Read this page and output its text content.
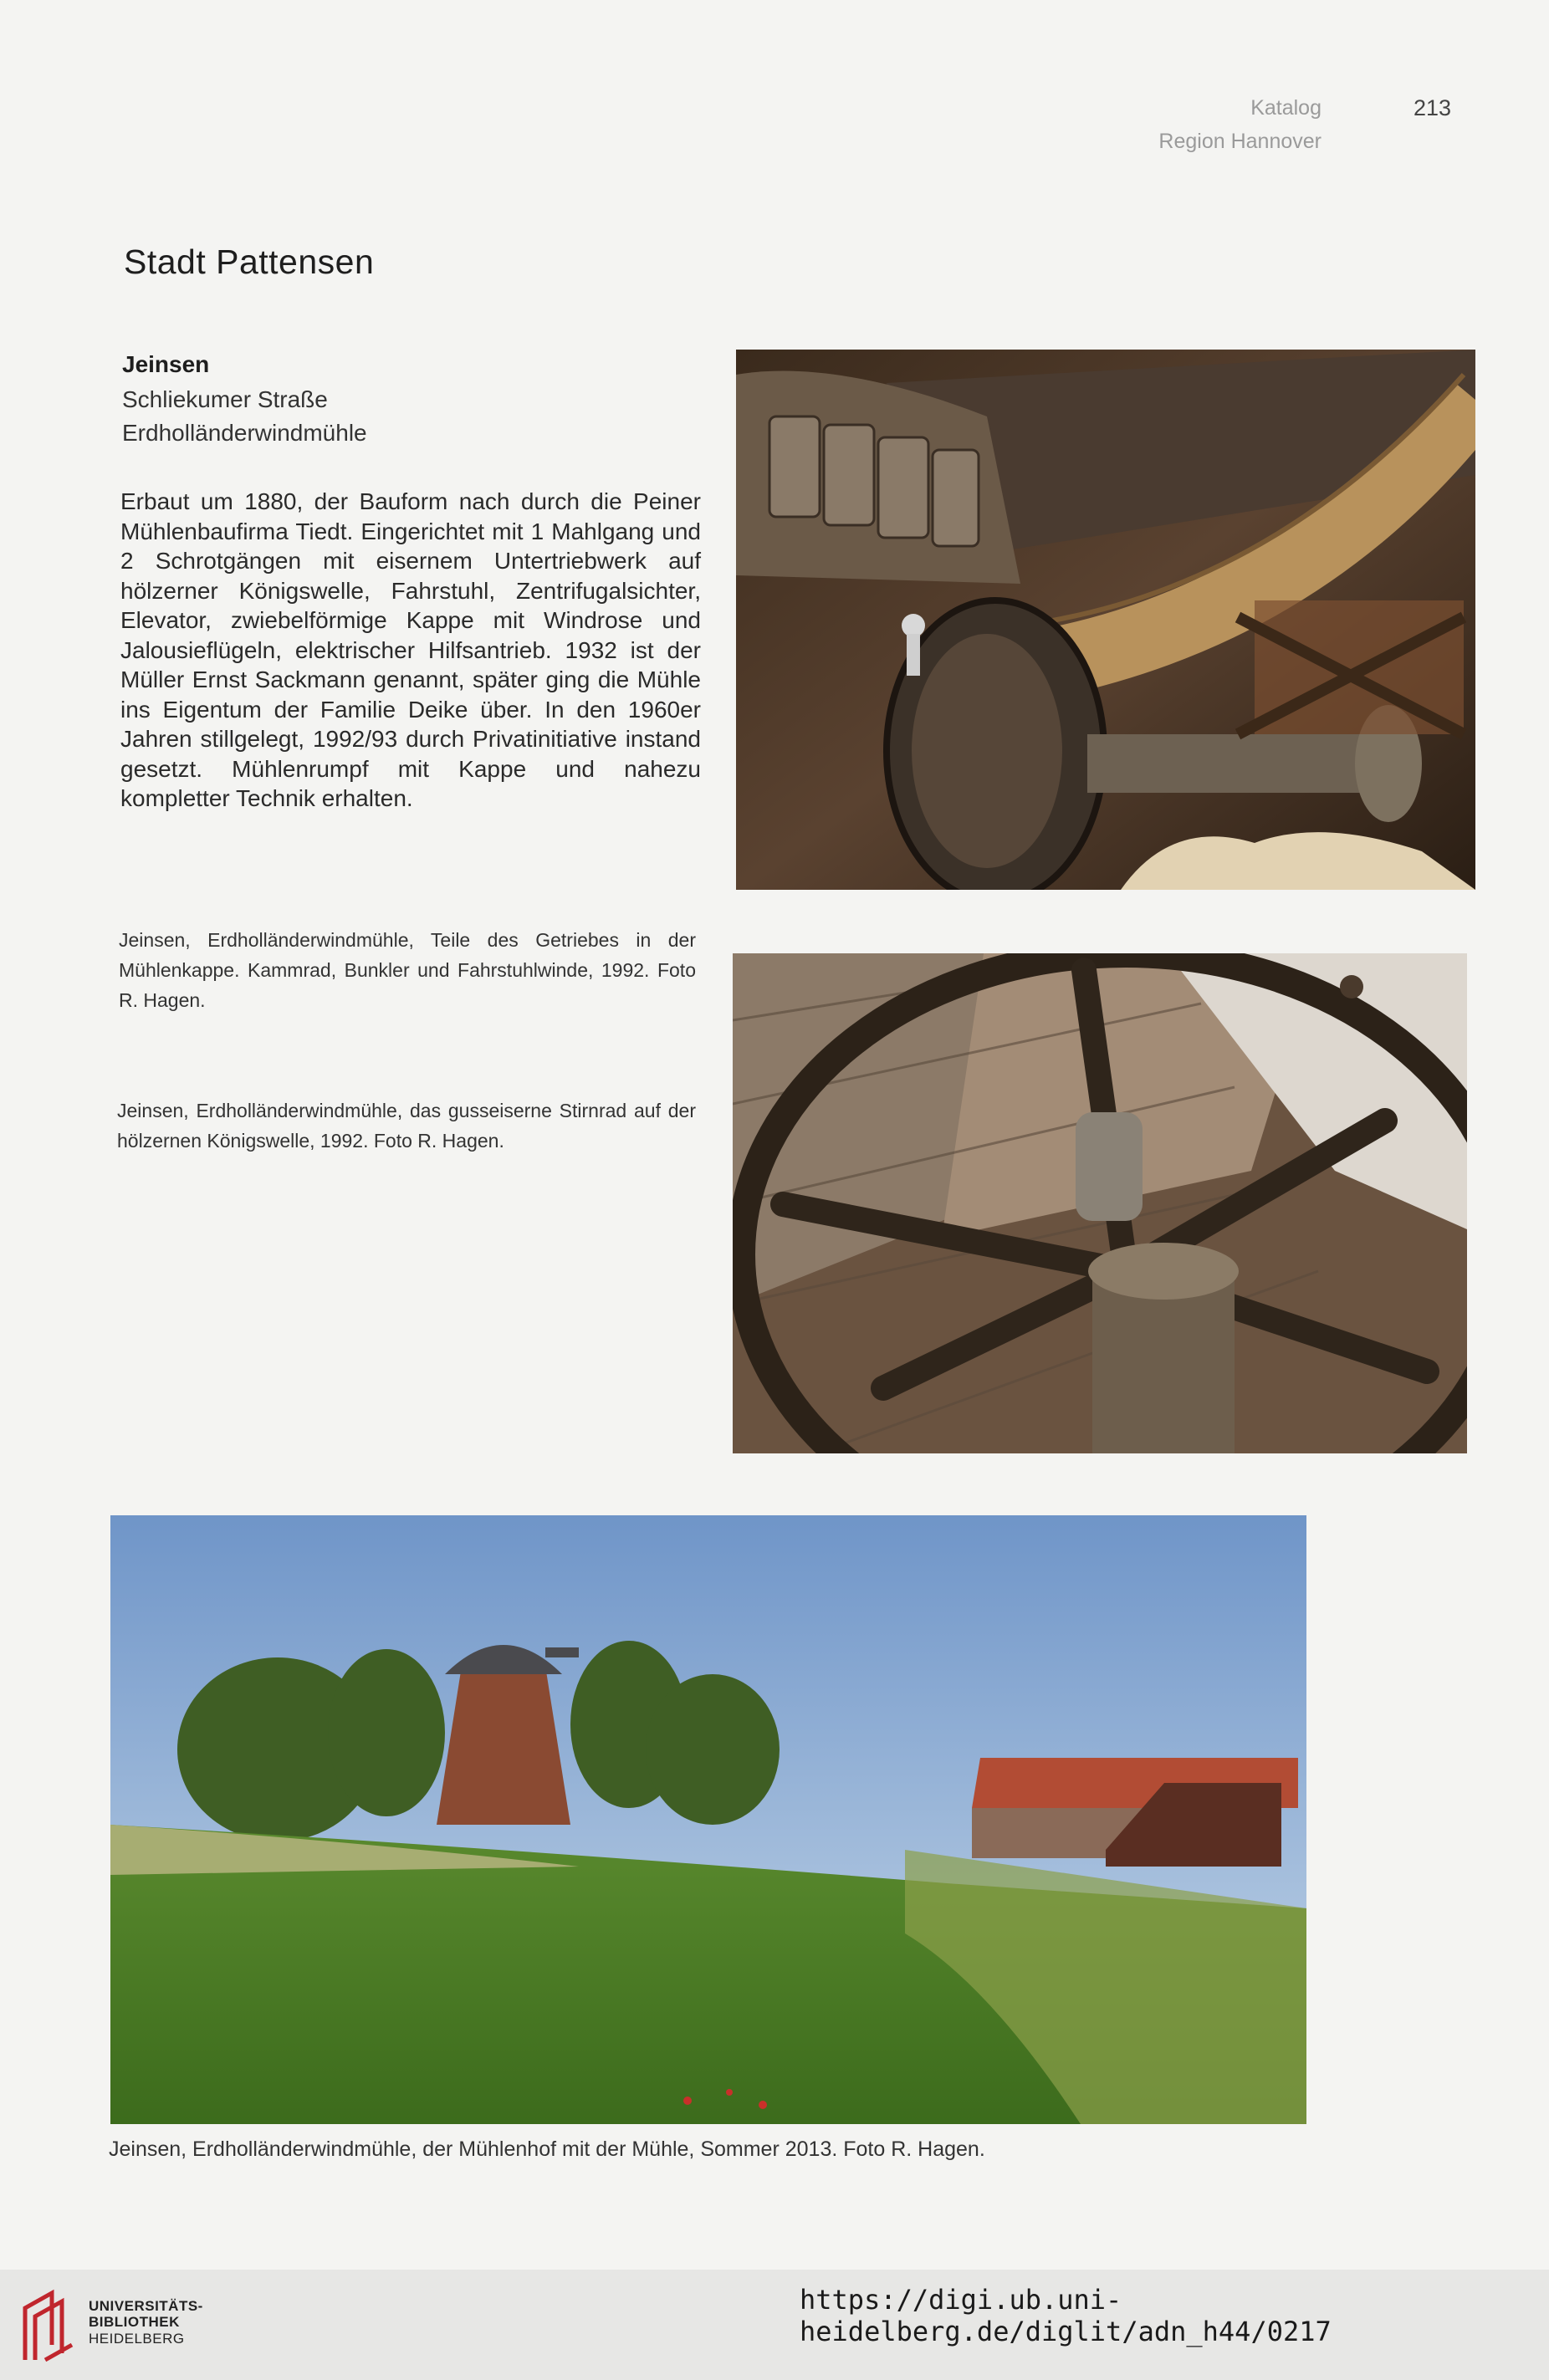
Katalog
Region Hannover
213
Stadt Pattensen
Jeinsen
Schliekumer Straße
Erdholländerwindmühle
Erbaut um 1880, der Bauform nach durch die Peiner Mühlenbaufirma Tiedt. Eingerichtet mit 1 Mahlgang und 2 Schrotgängen mit eisernem Untertriebwerk auf hölzerner Königswelle, Fahrstuhl, Zentrifugalsichter, Elevator, zwiebelförmige Kappe mit Windrose und Jalousieflügeln, elektrischer Hilfsantrieb. 1932 ist der Müller Ernst Sackmann genannt, später ging die Mühle ins Eigentum der Familie Deike über. In den 1960er Jahren stillgelegt, 1992/93 durch Privatinitiative instand gesetzt. Mühlenrumpf mit Kappe und nahezu kompletter Technik erhalten.
Jeinsen, Erdholländerwindmühle, Teile des Getriebes in der Mühlenkappe. Kammrad, Bunkler und Fahrstuhlwinde, 1992. Foto R. Hagen.
Jeinsen, Erdholländerwindmühle, das gusseiserne Stirnrad auf der hölzernen Königswelle, 1992. Foto R. Hagen.
Jeinsen, Erdholländerwindmühle, der Mühlenhof mit der Mühle, Sommer 2013. Foto R. Hagen.
UNIVERSITÄTS-
BIBLIOTHEK
HEIDELBERG
https://digi.ub.uni-heidelberg.de/diglit/adn_h44/0217
